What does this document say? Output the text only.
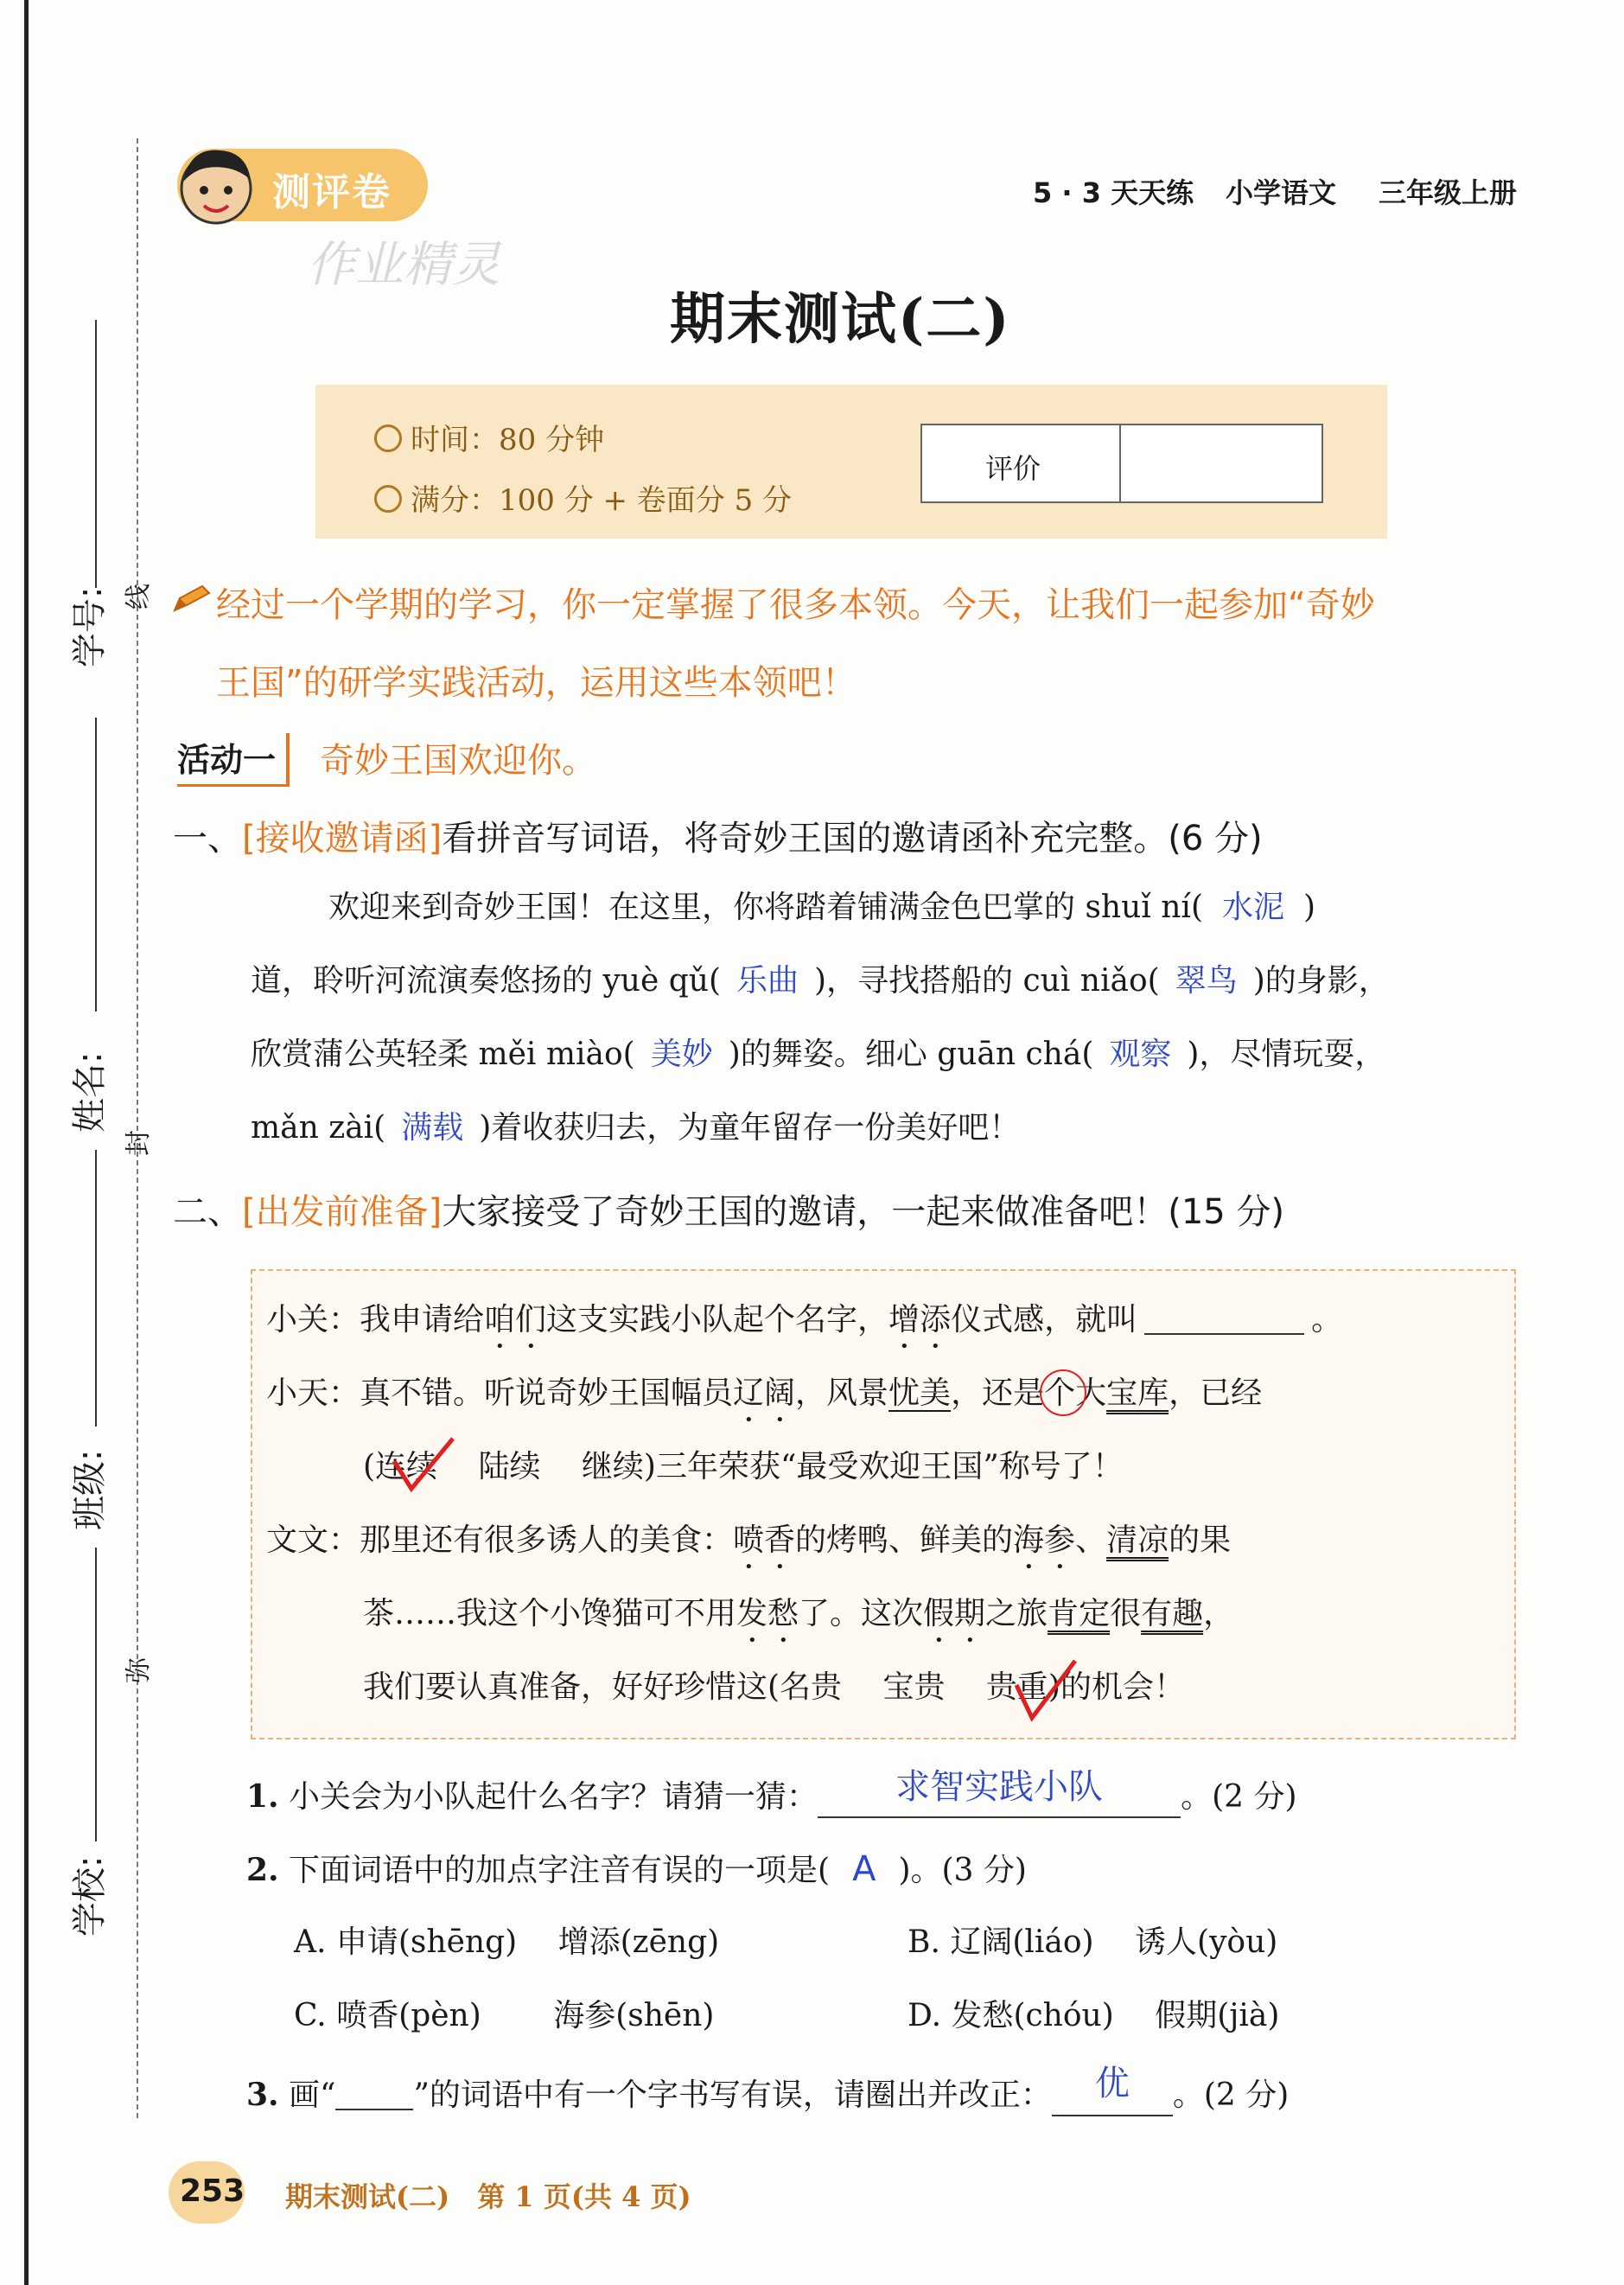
线
封
弥
学号:
姓名:
班级:
学校:
测评卷	5 · 3 天天练 小学语文 三年级上册
作业精灵
期末测试(二)
时间：80 分钟
满分：100 分 + 卷面分 5 分
评价
经过一个学期的学习，你一定掌握了很多本领。今天，让我们一起参加“奇妙
王国”的研学实践活动，运用这些本领吧！
活动一	奇妙王国欢迎你。
一、[接收邀请函]看拼音写词语，将奇妙王国的邀请函补充完整。(6 分)
欢迎来到奇妙王国！在这里，你将踏着铺满金色巴掌的 shuǐ ní( 水泥 )
道，聆听河流演奏悠扬的 yuè qǔ( 乐曲 )，寻找搭船的 cuì niǎo( 翠鸟 )的身影，
欣赏蒲公英轻柔 měi miào( 美妙 )的舞姿。细心 guān chá( 观察 )，尽情玩耍，
mǎn zài( 满载 )着收获归去，为童年留存一份美好吧！
二、[出发前准备]大家接受了奇妙王国的邀请，一起来做准备吧！(15 分)
小关：我申请给咱们这支实践小队起个名字，增添仪式感，就叫	。
小天：真不错。听说奇妙王国幅员辽阔，风景忧美，还是个大宝库，已经
(连续　 陆续　 继续)三年荣获“最受欢迎王国”称号了！
文文：那里还有很多诱人的美食：喷香的烤鸭、鲜美的海参、清凉的果
茶……我这个小馋猫可不用发愁了。这次假期之旅肯定很有趣，
我们要认真准备，好好珍惜这(名贵　 宝贵　 贵重)的机会！
1. 小关会为小队起什么名字？请猜一猜： 求智实践小队	。(2 分)
2. 下面词语中的加点字注音有误的一项是( A )。(3 分)
A. 申请(shēng)　 增添(zēng)	B. 辽阔(liáo)　 诱人(yòu)
C. 喷香(pèn)　　 海参(shēn)	D. 发愁(chóu)　 假期(jià)
3. 画“	”的词语中有一个字书写有误，请圈出并改正： 优 。(2 分)
253 期末测试(二)　第 1 页(共 4 页)
